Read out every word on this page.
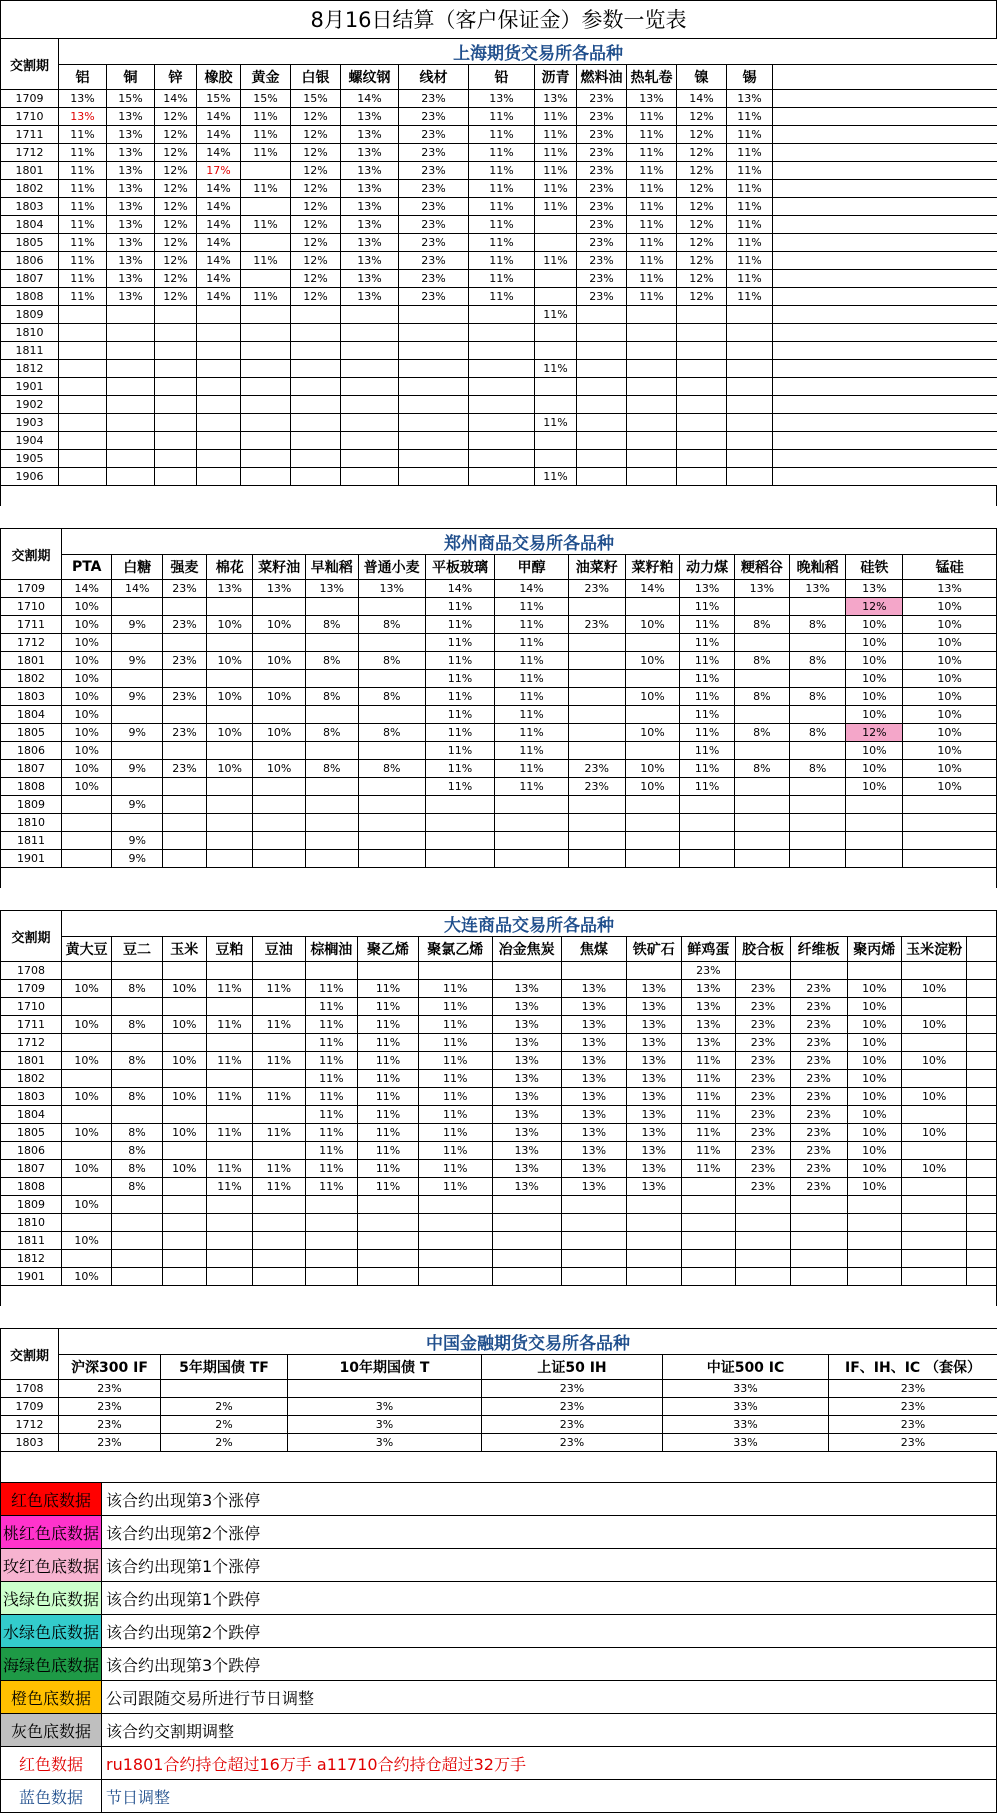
8月16日结算（客户保证金）参数一览表
交割期	上海期货交易所各品种														
	铝	铜	锌	橡胶	黄金	白银	螺纹钢	线材	铅	沥青	燃料油	热轧卷	镍	锡	
1709	13%	15%	14%	15%	15%	15%	14%	23%	13%	13%	23%	13%	14%	13%	
1710	13%	13%	12%	14%	11%	12%	13%	23%	11%	11%	23%	11%	12%	11%	
1711	11%	13%	12%	14%	11%	12%	13%	23%	11%	11%	23%	11%	12%	11%	
1712	11%	13%	12%	14%	11%	12%	13%	23%	11%	11%	23%	11%	12%	11%	
1801	11%	13%	12%	17%		12%	13%	23%	11%	11%	23%	11%	12%	11%	
1802	11%	13%	12%	14%	11%	12%	13%	23%	11%	11%	23%	11%	12%	11%	
1803	11%	13%	12%	14%		12%	13%	23%	11%	11%	23%	11%	12%	11%	
1804	11%	13%	12%	14%	11%	12%	13%	23%	11%		23%	11%	12%	11%	
1805	11%	13%	12%	14%		12%	13%	23%	11%		23%	11%	12%	11%	
1806	11%	13%	12%	14%	11%	12%	13%	23%	11%	11%	23%	11%	12%	11%	
1807	11%	13%	12%	14%		12%	13%	23%	11%		23%	11%	12%	11%	
1808	11%	13%	12%	14%	11%	12%	13%	23%	11%		23%	11%	12%	11%	
1809										11%					
1810															
1811															
1812										11%					
1901															
1902															
1903										11%					
1904															
1905															
1906										11%					
交割期	郑州商品交易所各品种															
	PTA	白糖	强麦	棉花	菜籽油	早籼稻	普通小麦	平板玻璃	甲醇	油菜籽	菜籽粕	动力煤	粳稻谷	晚籼稻	硅铁	锰硅
1709	14%	14%	23%	13%	13%	13%	13%	14%	14%	23%	14%	13%	13%	13%	13%	13%
1710	10%							11%	11%			11%			12%	10%
1711	10%	9%	23%	10%	10%	8%	8%	11%	11%	23%	10%	11%	8%	8%	10%	10%
1712	10%							11%	11%			11%			10%	10%
1801	10%	9%	23%	10%	10%	8%	8%	11%	11%		10%	11%	8%	8%	10%	10%
1802	10%							11%	11%			11%			10%	10%
1803	10%	9%	23%	10%	10%	8%	8%	11%	11%		10%	11%	8%	8%	10%	10%
1804	10%							11%	11%			11%			10%	10%
1805	10%	9%	23%	10%	10%	8%	8%	11%	11%		10%	11%	8%	8%	12%	10%
1806	10%							11%	11%			11%			10%	10%
1807	10%	9%	23%	10%	10%	8%	8%	11%	11%	23%	10%	11%	8%	8%	10%	10%
1808	10%							11%	11%	23%	10%	11%			10%	10%
1809		9%														
1810																
1811		9%														
1901		9%														
交割期	大连商品交易所各品种																
	黄大豆	豆二	玉米	豆粕	豆油	棕榈油	聚乙烯	聚氯乙烯	冶金焦炭	焦煤	铁矿石	鲜鸡蛋	胶合板	纤维板	聚丙烯	玉米淀粉	
1708												23%					
1709	10%	8%	10%	11%	11%	11%	11%	11%	13%	13%	13%	13%	23%	23%	10%	10%	
1710						11%	11%	11%	13%	13%	13%	13%	23%	23%	10%		
1711	10%	8%	10%	11%	11%	11%	11%	11%	13%	13%	13%	13%	23%	23%	10%	10%	
1712						11%	11%	11%	13%	13%	13%	13%	23%	23%	10%		
1801	10%	8%	10%	11%	11%	11%	11%	11%	13%	13%	13%	11%	23%	23%	10%	10%	
1802						11%	11%	11%	13%	13%	13%	11%	23%	23%	10%		
1803	10%	8%	10%	11%	11%	11%	11%	11%	13%	13%	13%	11%	23%	23%	10%	10%	
1804						11%	11%	11%	13%	13%	13%	11%	23%	23%	10%		
1805	10%	8%	10%	11%	11%	11%	11%	11%	13%	13%	13%	11%	23%	23%	10%	10%	
1806		8%				11%	11%	11%	13%	13%	13%	11%	23%	23%	10%		
1807	10%	8%	10%	11%	11%	11%	11%	11%	13%	13%	13%	11%	23%	23%	10%	10%	
1808		8%		11%	11%	11%	11%	11%	13%	13%	13%		23%	23%	10%		
1809	10%																
1810																	
1811	10%																
1812																	
1901	10%																
交割期	中国金融期货交易所各品种					
	沪深300 IF	5年期国债 TF	10年期国债 T	上证50 IH	中证500 IC	IF、IH、IC （套保）
1708	23%			23%	33%	23%
1709	23%	2%	3%	23%	33%	23%
1712	23%	2%	3%	23%	33%	23%
1803	23%	2%	3%	23%	33%	23%
红色底数据	该合约出现第3个涨停
桃红色底数据	该合约出现第2个涨停
玫红色底数据	该合约出现第1个涨停
浅绿色底数据	该合约出现第1个跌停
水绿色底数据	该合约出现第2个跌停
海绿色底数据	该合约出现第3个跌停
橙色底数据	公司跟随交易所进行节日调整
灰色底数据	该合约交割期调整
红色数据	ru1801合约持仓超过16万手 a11710合约持仓超过32万手
蓝色数据	节日调整
